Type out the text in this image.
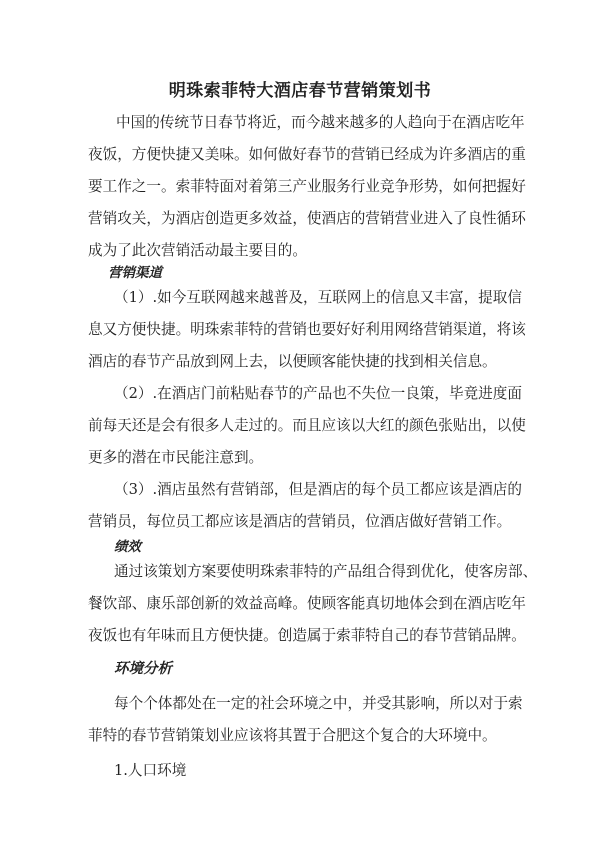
明珠索菲特大酒店春节营销策划书

中国的传统节日春节将近，而今越来越多的人趋向于在酒店吃年

夜饭，方便快捷又美味。如何做好春节的营销已经成为许多酒店的重

要工作之一。索菲特面对着第三产业服务行业竞争形势，如何把握好

营销攻关，为酒店创造更多效益，使酒店的营销营业进入了良性循环

成为了此次营销活动最主要目的。

营销渠道

（1）.如今互联网越来越普及，互联网上的信息又丰富，提取信

息又方便快捷。明珠索菲特的营销也要好好利用网络营销渠道，将该

酒店的春节产品放到网上去，以便顾客能快捷的找到相关信息。

（2）.在酒店门前粘贴春节的产品也不失位一良策，毕竟进度面

前每天还是会有很多人走过的。而且应该以大红的颜色张贴出，以使

更多的潜在市民能注意到。

（3）.酒店虽然有营销部，但是酒店的每个员工都应该是酒店的

营销员，每位员工都应该是酒店的营销员，位酒店做好营销工作。

绩效

通过该策划方案要使明珠索菲特的产品组合得到优化，使客房部、

餐饮部、康乐部创新的效益高峰。使顾客能真切地体会到在酒店吃年

夜饭也有年味而且方便快捷。创造属于索菲特自己的春节营销品牌。

环境分析

每个个体都处在一定的社会环境之中，并受其影响，所以对于索

菲特的春节营销策划业应该将其置于合肥这个复合的大环境中。

1.人口环境
